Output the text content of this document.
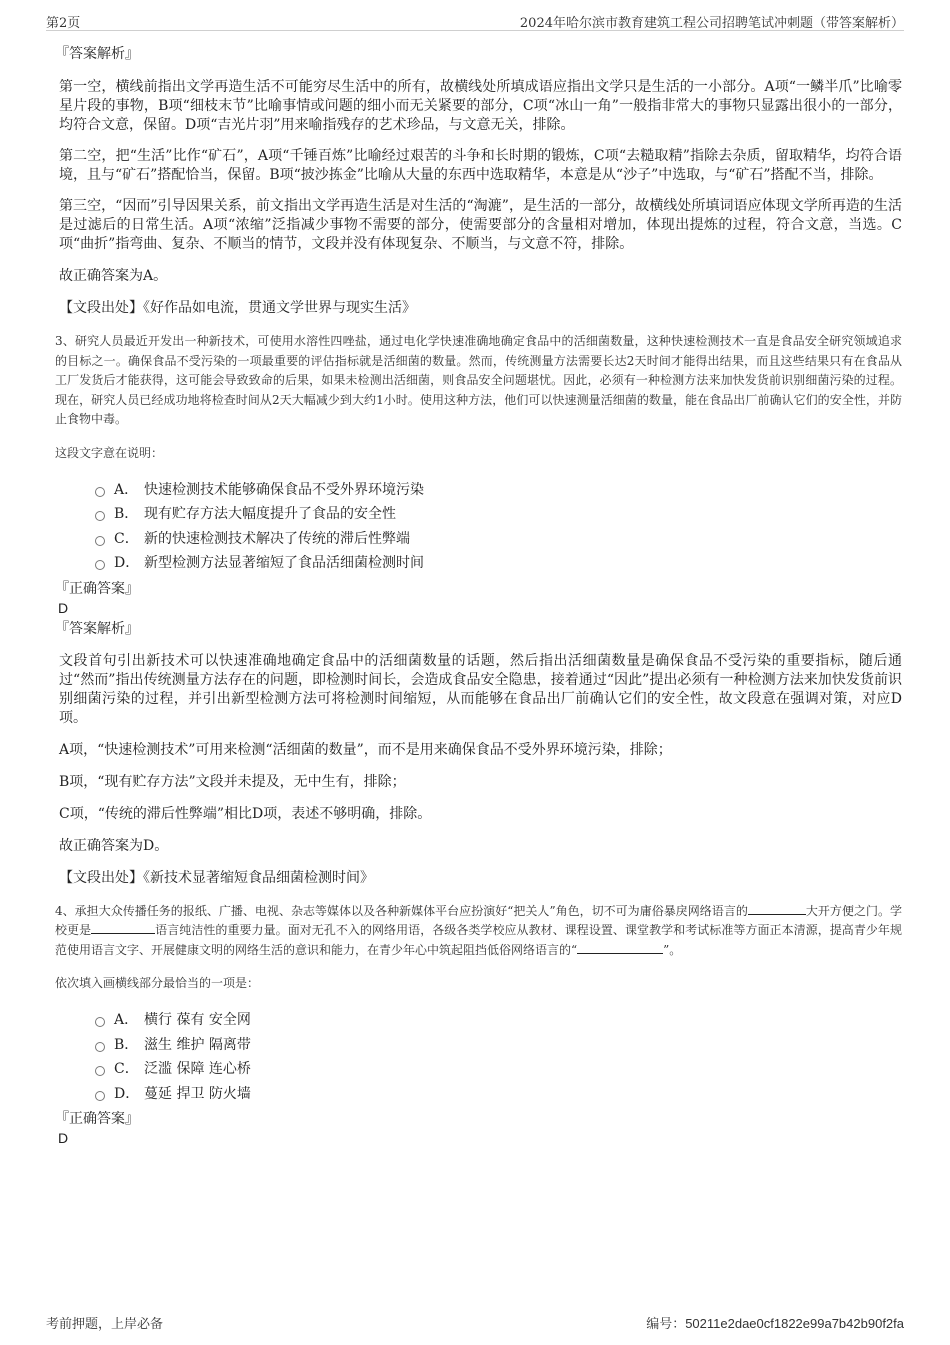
第2页	2024年哈尔滨市教育建筑工程公司招聘笔试冲刺题（带答案解析）

『答案解析』

第一空，横线前指出文学再造生活不可能穷尽生活中的所有，故横线处所填成语应指出文学只是生活的一小部分。A项“一鳞半爪”比喻零星片段的事物，B项“细枝末节”比喻事情或问题的细小而无关紧要的部分，C项“冰山一角”一般指非常大的事物只显露出很小的一部分，均符合文意，保留。D项“吉光片羽”用来喻指残存的艺术珍品，与文意无关，排除。

第二空，把“生活”比作“矿石”，A项“千锤百炼”比喻经过艰苦的斗争和长时期的锻炼，C项“去糙取精”指除去杂质，留取精华，均符合语境，且与“矿石”搭配恰当，保留。B项“披沙拣金”比喻从大量的东西中选取精华，本意是从“沙子”中选取，与“矿石”搭配不当，排除。

第三空，“因而”引导因果关系，前文指出文学再造生活是对生活的“淘漉”，是生活的一部分，故横线处所填词语应体现文学所再造的生活是过滤后的日常生活。A项“浓缩”泛指减少事物不需要的部分，使需要部分的含量相对增加，体现出提炼的过程，符合文意，当选。C项“曲折”指弯曲、复杂、不顺当的情节，文段并没有体现复杂、不顺当，与文意不符，排除。

故正确答案为A。

【文段出处】《好作品如电流，贯通文学世界与现实生活》

3、研究人员最近开发出一种新技术，可使用水溶性四唑盐，通过电化学快速准确地确定食品中的活细菌数量，这种快速检测技术一直是食品安全研究领域追求的目标之一。确保食品不受污染的一项最重要的评估指标就是活细菌的数量。然而，传统测量方法需要长达2天时间才能得出结果，而且这些结果只有在食品从工厂发货后才能获得，这可能会导致致命的后果，如果未检测出活细菌，则食品安全问题堪忧。因此，必须有一种检测方法来加快发货前识别细菌污染的过程。现在，研究人员已经成功地将检查时间从2天大幅减少到大约1小时。使用这种方法，他们可以快速测量活细菌的数量，能在食品出厂前确认它们的安全性，并防止食物中毒。

这段文字意在说明：

A． 快速检测技术能够确保食品不受外界环境污染
B． 现有贮存方法大幅度提升了食品的安全性
C． 新的快速检测技术解决了传统的滞后性弊端
D． 新型检测方法显著缩短了食品活细菌检测时间

『正确答案』

D

『答案解析』

文段首句引出新技术可以快速准确地确定食品中的活细菌数量的话题，然后指出活细菌数量是确保食品不受污染的重要指标，随后通过“然而”指出传统测量方法存在的问题，即检测时间长，会造成食品安全隐患，接着通过“因此”提出必须有一种检测方法来加快发货前识别细菌污染的过程，并引出新型检测方法可将检测时间缩短，从而能够在食品出厂前确认它们的安全性，故文段意在强调对策，对应D项。

A项，“快速检测技术”可用来检测“活细菌的数量”，而不是用来确保食品不受外界环境污染，排除；

B项，“现有贮存方法”文段并未提及，无中生有，排除；

C项，“传统的滞后性弊端”相比D项，表述不够明确，排除。

故正确答案为D。

【文段出处】《新技术显著缩短食品细菌检测时间》

4、承担大众传播任务的报纸、广播、电视、杂志等媒体以及各种新媒体平台应扮演好“把关人”角色，切不可为庸俗暴戾网络语言的	大开方便之门。学校更是	语言纯洁性的重要力量。面对无孔不入的网络用语，各级各类学校应从教材、课程设置、课堂教学和考试标准等方面正本清源，提高青少年规范使用语言文字、开展健康文明的网络生活的意识和能力，在青少年心中筑起阻挡低俗网络语言的“	”。

依次填入画横线部分最恰当的一项是：

A． 横行 葆有 安全网
B． 滋生 维护 隔离带
C． 泛滥 保障 连心桥
D． 蔓延 捍卫 防火墙

『正确答案』

D

考前押题，上岸必备	编号：50211e2dae0cf1822e99a7b42b90f2fa
